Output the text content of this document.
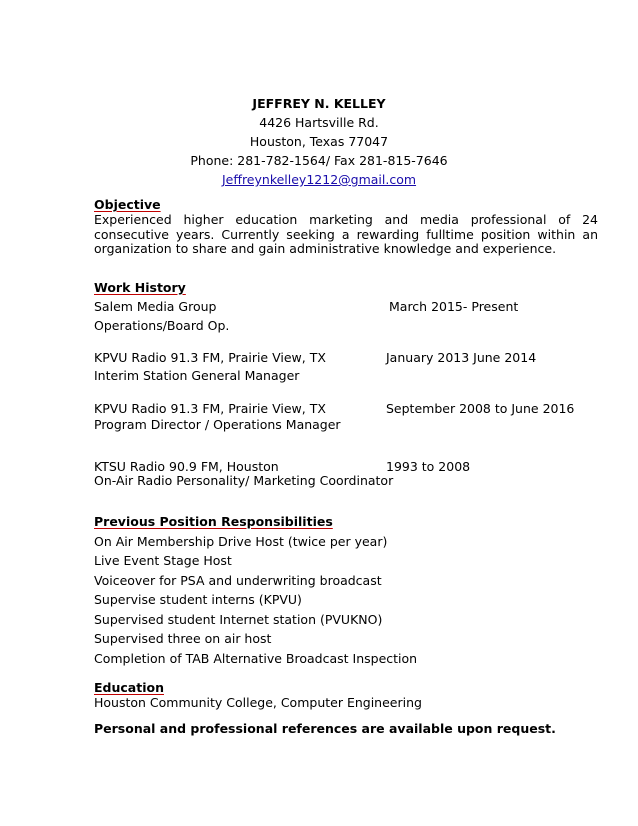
JEFFREY N. KELLEY
4426 Hartsville Rd.
Houston, Texas 77047
Phone: 281-782-1564/ Fax 281-815-7646
Jeffreynkelley1212@gmail.com
Objective
Experienced higher education marketing and media professional of 24 consecutive years. Currently seeking a rewarding fulltime position within an organization to share and gain administrative knowledge and experience.
Work History
Salem Media Group	March 2015- Present
Operations/Board Op.
KPVU Radio 91.3 FM, Prairie View, TX	January 2013 June 2014
Interim Station General Manager
KPVU Radio 91.3 FM, Prairie View, TX	September 2008 to June 2016
Program Director / Operations Manager
KTSU Radio 90.9 FM, Houston	1993 to 2008
On-Air Radio Personality/ Marketing Coordinator
Previous Position Responsibilities
On Air Membership Drive Host (twice per year)
Live Event Stage Host
Voiceover for PSA and underwriting broadcast
Supervise student interns (KPVU)
Supervised student Internet station (PVUKNO)
Supervised three on air host
Completion of TAB Alternative Broadcast Inspection
Education
Houston Community College, Computer Engineering
Personal and professional references are available upon request.
